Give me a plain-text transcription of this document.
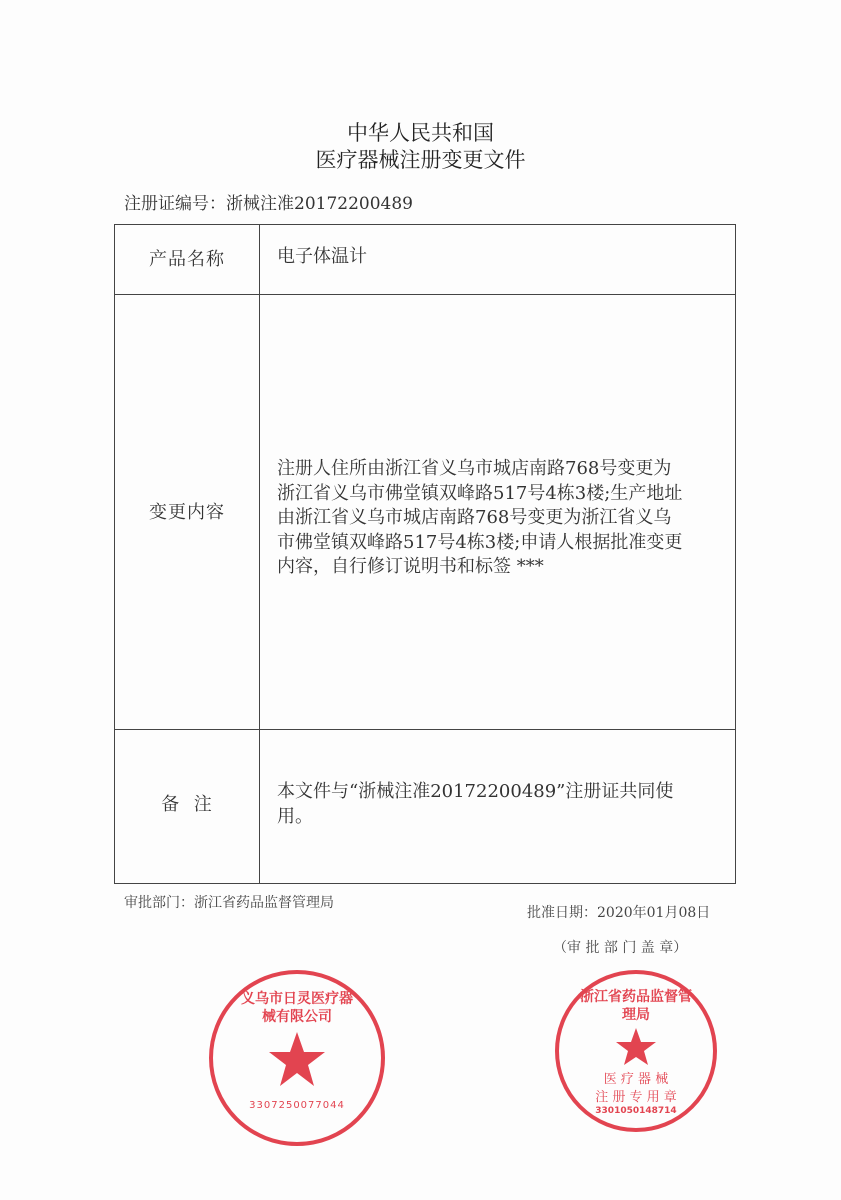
中华人民共和国
医疗器械注册变更文件
注册证编号：浙械注准20172200489
产品名称	电子体温计
变更内容
注册人住所由浙江省义乌市城店南路768号变更为
浙江省义乌市佛堂镇双峰路517号4栋3楼;生产地址
由浙江省义乌市城店南路768号变更为浙江省义乌
市佛堂镇双峰路517号4栋3楼;申请人根据批准变更
内容，自行修订说明书和标签 ***
备  注
本文件与“浙械注准20172200489”注册证共同使
用。
审批部门：浙江省药品监督管理局
批准日期：2020年01月08日
（审 批 部 门 盖 章）
义乌市日灵医疗器械有限公司
3307250077044
浙江省药品监督管理局
医 疗 器 械
注 册 专 用 章
3301050148714
